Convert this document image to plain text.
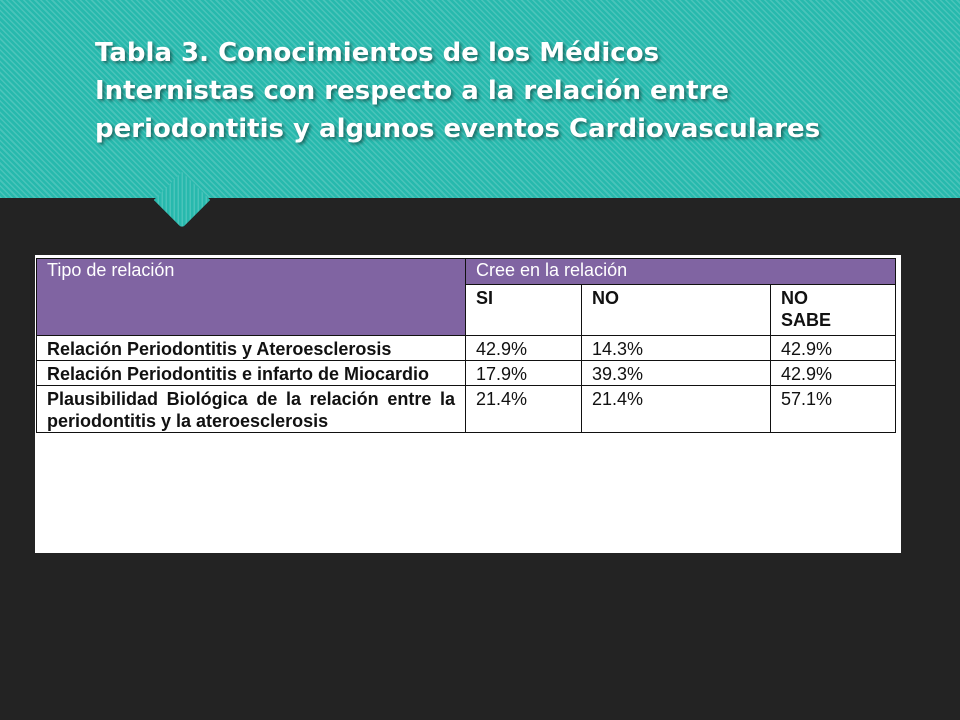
Tabla 3. Conocimientos de los Médicos
Internistas con respecto a la relación entre
periodontitis y algunos eventos Cardiovasculares
Tipo de relación	Cree en la relación		
	SI	NO	NO SABE
Relación Periodontitis y Ateroesclerosis	42.9%	14.3%	42.9%
Relación Periodontitis e infarto de Miocardio	17.9%	39.3%	42.9%
Plausibilidad Biológica de la relación entre la periodontitis y la ateroesclerosis	21.4%	21.4%	57.1%
